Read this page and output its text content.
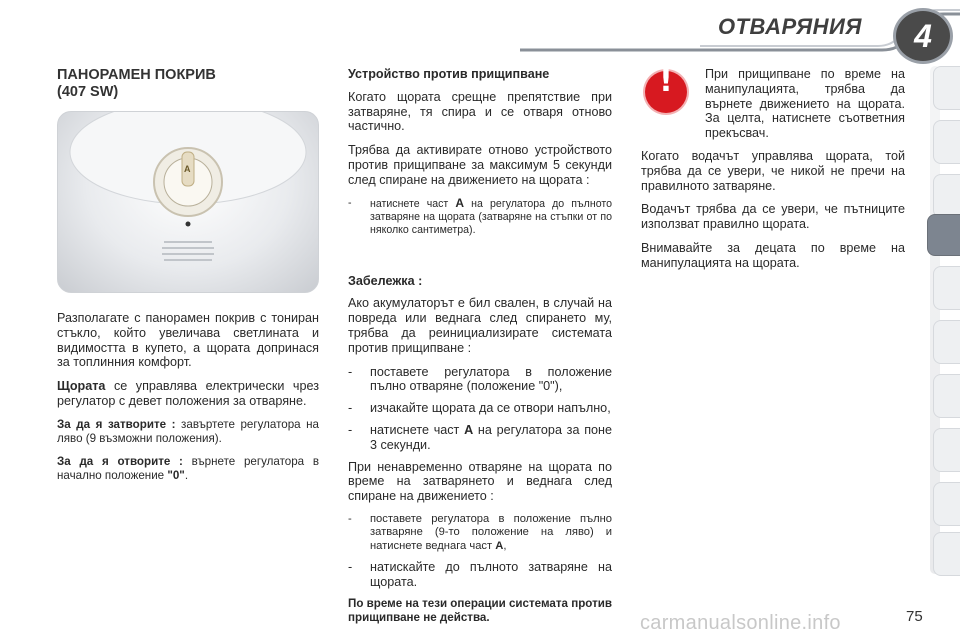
ОТВАРЯНИЯ	4
ПАНОРАМЕН ПОКРИВ
(407 SW)
A

Разполагате с панорамен покрив с тониран стъкло, който увеличава светлината и видимостта в купето, а щората допринася за топлинния комфорт.

Щората се управлява електрически чрез регулатор с девет положения за отваряне.

За да я затворите : завъртете регулатора на ляво (9 възможни положения).

За да я отворите : върнете регулатора в начално положение "0".

Устройство против прищипване

Когато щората срещне препятствие при затваряне, тя спира и се отваря отново частично.

Трябва да активирате отново устройството против прищипване за максимум 5 секунди след спиране на движението на щората :

-	натиснете част A на регулатора до пълното затваряне на щората (затваряне на стъпки от по няколко сантиметра).
Забележка :

Ако акумулаторът е бил свален, в случай на повреда или веднага след спирането му, трябва да реинициализирате системата против прищипване :

-	поставете регулатора в положение пълно отваряне (положение "0"),
-	изчакайте щората да се отвори напълно,
-	натиснете част A на регулатора за поне 3 секунди.

При ненавременно отваряне на щората по време на затварянето и веднага след спиране на движението :

-	поставете регулатора в положение пълно затваряне (9-то положение на ляво) и натиснете веднага част A,
-	натискайте до пълното затваряне на щората.

По време на тези операции системата против прищипване не действа.

!
При прищипване по време на манипулацията, трябва да върнете движението на щората. За целта, натиснете съответния прекъсвач.

Когато водачът управлява щората, той трябва да се увери, че никой не пречи на правилното затваряне.

Водачът трябва да се увери, че пътниците използват правилно щората.

Внимавайте за децата по време на манипулацията на щората.

carmanualsonline.info	75
